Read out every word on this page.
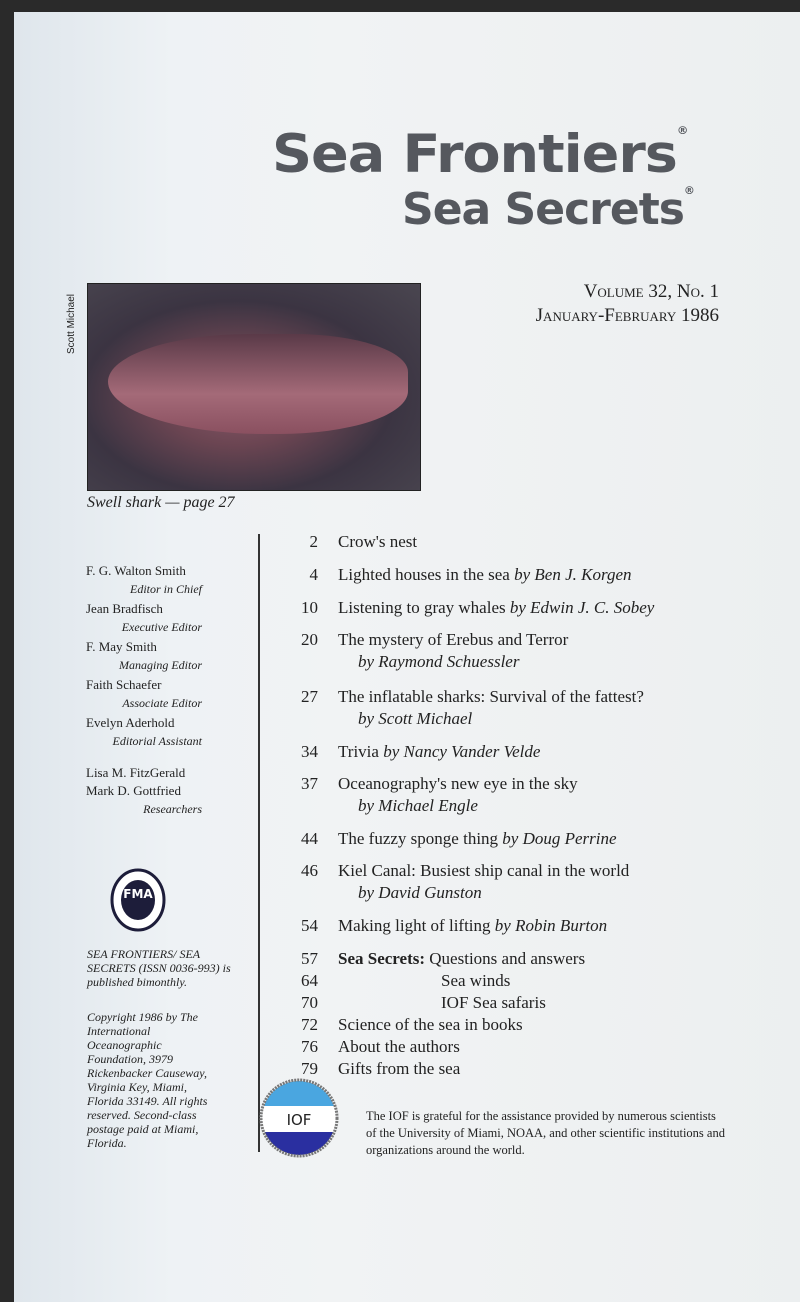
Sea Frontiers®
Sea Secrets®
Volume 32, No. 1
January-February 1986
Scott Michael
Swell shark — page 27
F. G. Walton Smith
Editor in Chief
Jean Bradfisch
Executive Editor
F. May Smith
Managing Editor
Faith Schaefer
Associate Editor
Evelyn Aderhold
Editorial Assistant
Lisa M. FitzGerald
Mark D. Gottfried
Researchers
FMA
SEA FRONTIERS/ SEA SECRETS (ISSN 0036-993) is published bimonthly.
Copyright 1986 by The International Oceanographic Foundation, 3979 Rickenbacker Causeway, Virginia Key, Miami, Florida 33149. All rights reserved. Second-class postage paid at Miami, Florida.
2 Crow's nest
4 Lighted houses in the sea by Ben J. Korgen
10 Listening to gray whales by Edwin J. C. Sobey
20 The mystery of Erebus and Terror
by Raymond Schuessler
27 The inflatable sharks: Survival of the fattest?
by Scott Michael
34 Trivia by Nancy Vander Velde
37 Oceanography's new eye in the sky
by Michael Engle
44 The fuzzy sponge thing by Doug Perrine
46 Kiel Canal: Busiest ship canal in the world
by David Gunston
54 Making light of lifting by Robin Burton
57 Sea Secrets: Questions and answers
64	Sea winds
70	IOF Sea safaris
72 Science of the sea in books
76 About the authors
79 Gifts from the sea
IOF	The IOF is grateful for the assistance provided by numerous scientists of the University of Miami, NOAA, and other scientific institutions and organizations around the world.
